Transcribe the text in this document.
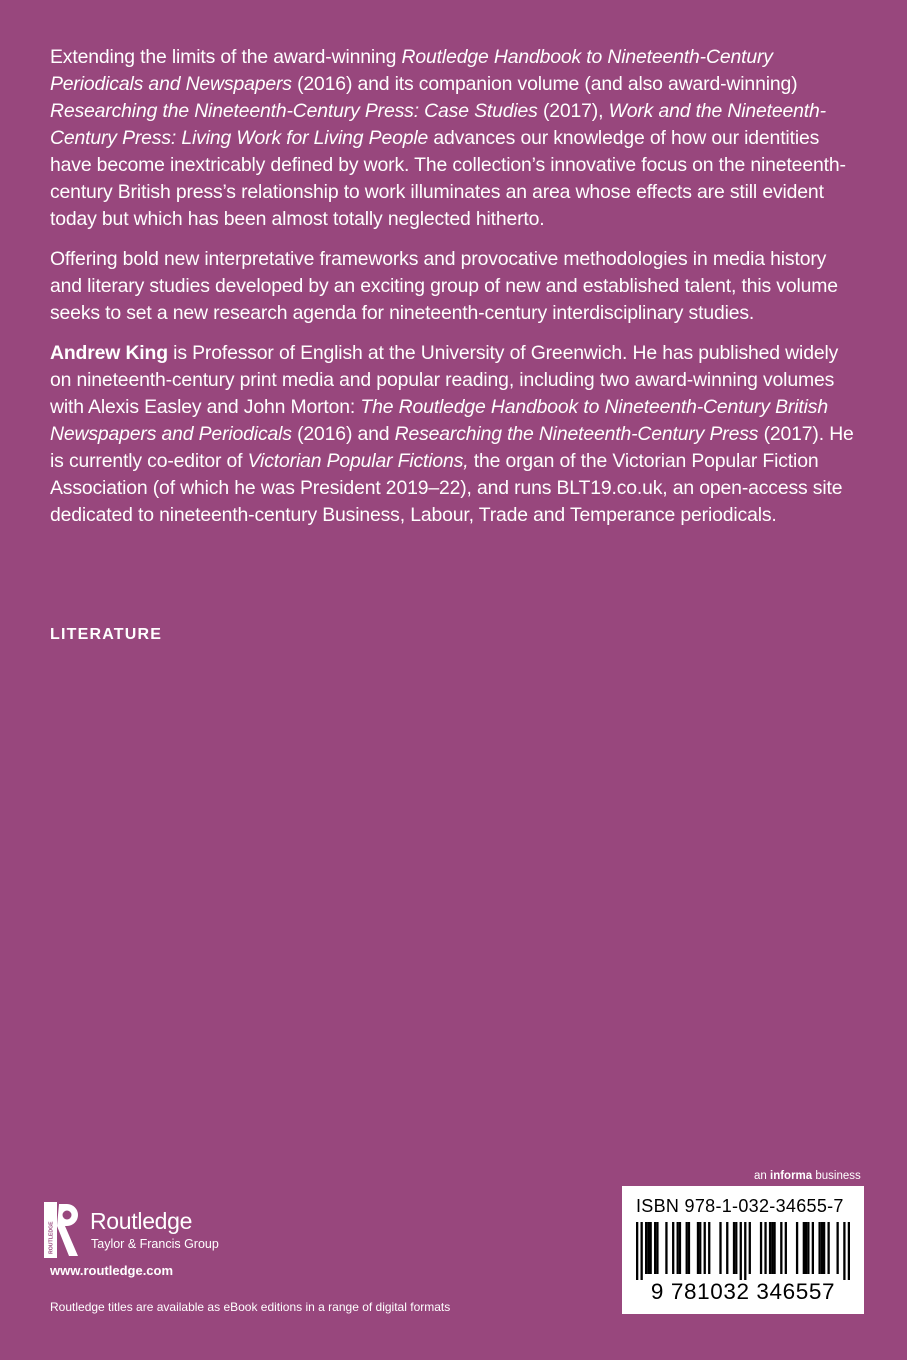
Extending the limits of the award-winning Routledge Handbook to Nineteenth-Century Periodicals and Newspapers (2016) and its companion volume (and also award-winning) Researching the Nineteenth-Century Press: Case Studies (2017), Work and the Nineteenth-Century Press: Living Work for Living People advances our knowledge of how our identities have become inextricably defined by work. The collection’s innovative focus on the nineteenth-century British press’s relationship to work illuminates an area whose effects are still evident today but which has been almost totally neglected hitherto.

Offering bold new interpretative frameworks and provocative methodologies in media history and literary studies developed by an exciting group of new and established talent, this volume seeks to set a new research agenda for nineteenth-century interdisciplinary studies.

Andrew King is Professor of English at the University of Greenwich. He has published widely on nineteenth-century print media and popular reading, including two award-winning volumes with Alexis Easley and John Morton: The Routledge Handbook to Nineteenth-Century British Newspapers and Periodicals (2016) and Researching the Nineteenth-Century Press (2017). He is currently co-editor of Victorian Popular Fictions, the organ of the Victorian Popular Fiction Association (of which he was President 2019–22), and runs BLT19.co.uk, an open-access site dedicated to nineteenth-century Business, Labour, Trade and Temperance periodicals.

LITERATURE
an informa business
ISBN 978-1-032-34655-7
9 781032 346557
ROUTLEDGE
Routledge
Taylor & Francis Group
www.routledge.com
Routledge titles are available as eBook editions in a range of digital formats
